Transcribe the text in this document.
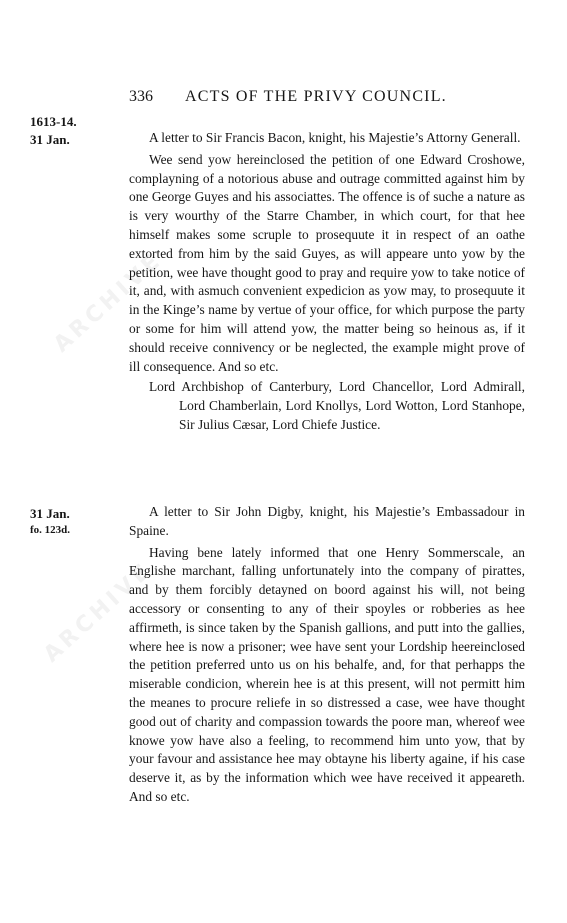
ARCHIVE
ARCHIVE
336 ACTS OF THE PRIVY COUNCIL.
1613-14.
31 Jan.	A letter to Sir Francis Bacon, knight, his Majestie’s Attorny Generall.
Wee send yow hereinclosed the petition of one Edward Croshowe, complayning of a notorious abuse and outrage committed against him by one George Guyes and his associattes. The offence is of suche a nature as is very wourthy of the Starre Chamber, in which court, for that hee himself makes some scruple to prosequute it in respect of an oathe extorted from him by the said Guyes, as will appeare unto yow by the petition, wee have thought good to pray and require yow to take notice of it, and, with asmuch convenient expedicion as yow may, to prosequute it in the Kinge’s name by vertue of your office, for which purpose the party or some for him will attend yow, the matter being so heinous as, if it should receive connivency or be neglected, the example might prove of ill consequence. And so etc.
Lord Archbishop of Canterbury, Lord Chancellor, Lord Admirall, Lord Chamberlain, Lord Knollys, Lord Wotton, Lord Stanhope, Sir Julius Cæsar, Lord Chiefe Justice.
31 Jan.
fo. 123d.
A letter to Sir John Digby, knight, his Majestie’s Embassadour in Spaine.
Having bene lately informed that one Henry Sommerscale, an Englishe marchant, falling unfortunately into the company of pirattes, and by them forcibly detayned on boord against his will, not being accessory or consenting to any of their spoyles or robberies as hee affirmeth, is since taken by the Spanish gallions, and putt into the gallies, where hee is now a prisoner; wee have sent your Lordship heereinclosed the petition preferred unto us on his behalfe, and, for that perhapps the miserable condicion, wherein hee is at this present, will not permitt him the meanes to procure reliefe in so distressed a case, wee have thought good out of charity and compassion towards the poore man, whereof wee knowe yow have also a feeling, to recommend him unto yow, that by your favour and assistance hee may obtayne his liberty againe, if his case deserve it, as by the information which wee have received it appeareth. And so etc.
